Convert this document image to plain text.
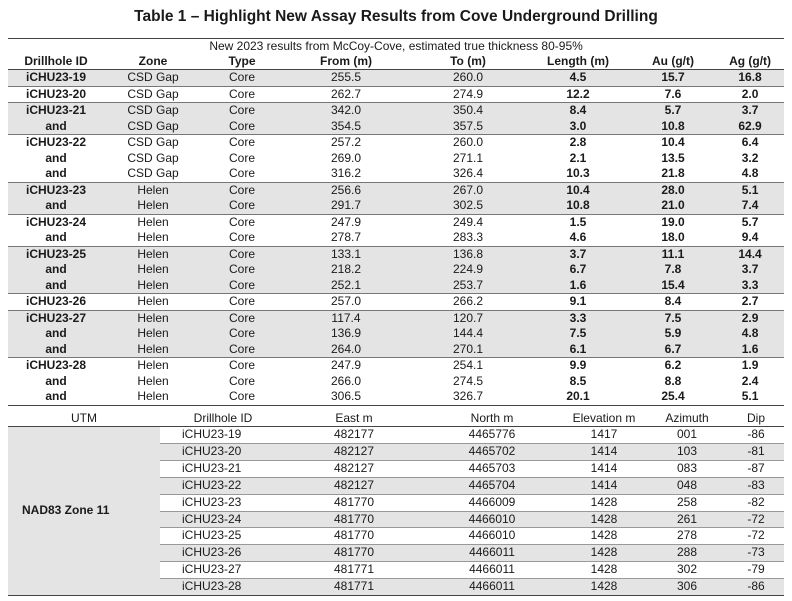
Table 1 – Highlight New Assay Results from Cove Underground Drilling
New 2023 results from McCoy-Cove, estimated true thickness 80-95%							
Drillhole ID	Zone	Type	From (m)	To (m)	Length (m)	Au (g/t)	Ag (g/t)
iCHU23-19	CSD Gap	Core	255.5	260.0	4.5	15.7	16.8
iCHU23-20	CSD Gap	Core	262.7	274.9	12.2	7.6	2.0
iCHU23-21	CSD Gap	Core	342.0	350.4	8.4	5.7	3.7
and	CSD Gap	Core	354.5	357.5	3.0	10.8	62.9
iCHU23-22	CSD Gap	Core	257.2	260.0	2.8	10.4	6.4
and	CSD Gap	Core	269.0	271.1	2.1	13.5	3.2
and	CSD Gap	Core	316.2	326.4	10.3	21.8	4.8
iCHU23-23	Helen	Core	256.6	267.0	10.4	28.0	5.1
and	Helen	Core	291.7	302.5	10.8	21.0	7.4
iCHU23-24	Helen	Core	247.9	249.4	1.5	19.0	5.7
and	Helen	Core	278.7	283.3	4.6	18.0	9.4
iCHU23-25	Helen	Core	133.1	136.8	3.7	11.1	14.4
and	Helen	Core	218.2	224.9	6.7	7.8	3.7
and	Helen	Core	252.1	253.7	1.6	15.4	3.3
iCHU23-26	Helen	Core	257.0	266.2	9.1	8.4	2.7
iCHU23-27	Helen	Core	117.4	120.7	3.3	7.5	2.9
and	Helen	Core	136.9	144.4	7.5	5.9	4.8
and	Helen	Core	264.0	270.1	6.1	6.7	1.6
iCHU23-28	Helen	Core	247.9	254.1	9.9	6.2	1.9
and	Helen	Core	266.0	274.5	8.5	8.8	2.4
and	Helen	Core	306.5	326.7	20.1	25.4	5.1
UTM	Drillhole ID	East m	North m	Elevation m	Azimuth	Dip
NAD83 Zone 11	iCHU23-19	482177	4465776	1417	001	-86
	iCHU23-20	482127	4465702	1414	103	-81
	iCHU23-21	482127	4465703	1414	083	-87
	iCHU23-22	482127	4465704	1414	048	-83
	iCHU23-23	481770	4466009	1428	258	-82
	iCHU23-24	481770	4466010	1428	261	-72
	iCHU23-25	481770	4466010	1428	278	-72
	iCHU23-26	481770	4466011	1428	288	-73
	iCHU23-27	481771	4466011	1428	302	-79
	iCHU23-28	481771	4466011	1428	306	-86
